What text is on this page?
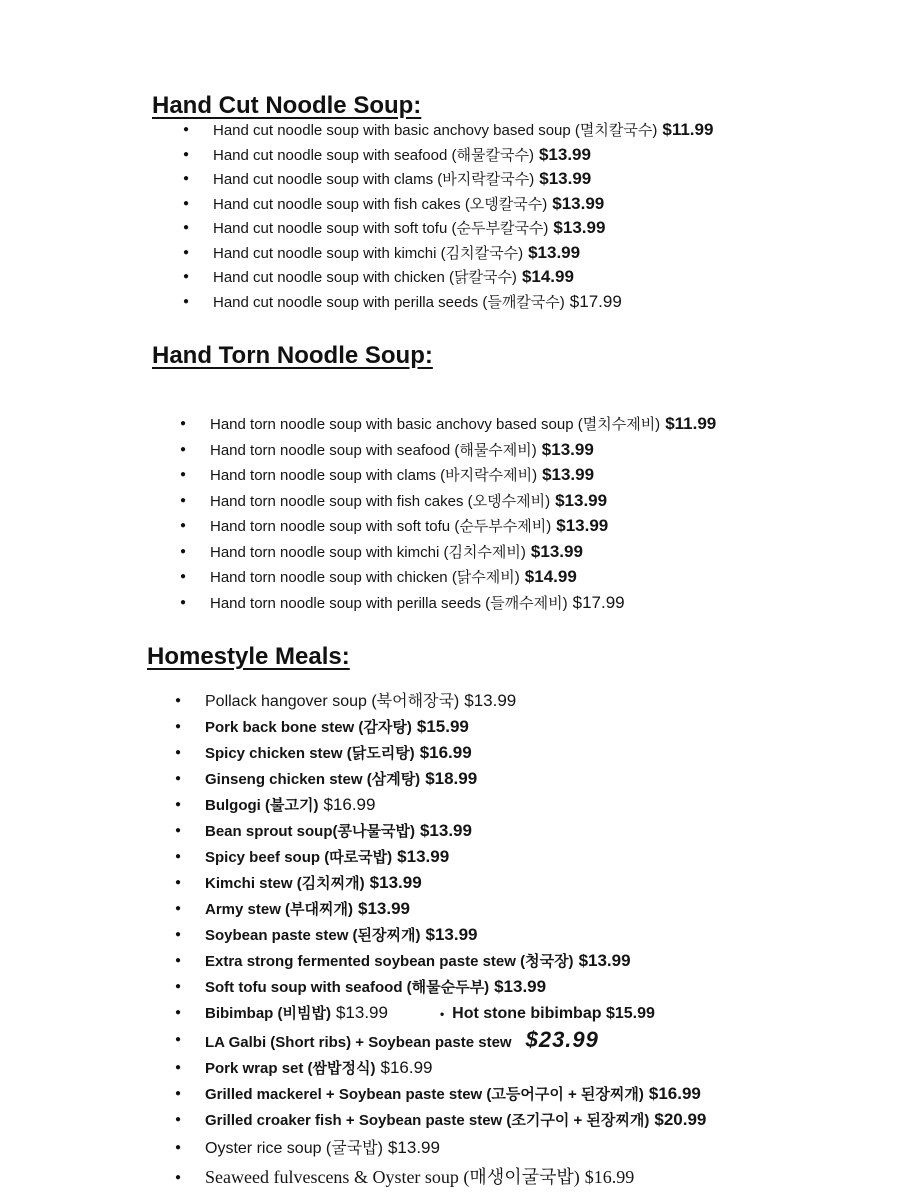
Hand Cut Noodle Soup:
● Hand cut noodle soup with basic anchovy based soup (멸치칼국수) $11.99
● Hand cut noodle soup with seafood (해물칼국수) $13.99
● Hand cut noodle soup with clams (바지락칼국수) $13.99
● Hand cut noodle soup with fish cakes (오뎅칼국수) $13.99
● Hand cut noodle soup with soft tofu (순두부칼국수) $13.99
● Hand cut noodle soup with kimchi (김치칼국수) $13.99
● Hand cut noodle soup with chicken (닭칼국수) $14.99
● Hand cut noodle soup with perilla seeds (들깨칼국수) $17.99
Hand Torn Noodle Soup:
● Hand torn noodle soup with basic anchovy based soup (멸치수제비) $11.99
● Hand torn noodle soup with seafood (해물수제비) $13.99
● Hand torn noodle soup with clams (바지락수제비) $13.99
● Hand torn noodle soup with fish cakes (오뎅수제비) $13.99
● Hand torn noodle soup with soft tofu (순두부수제비) $13.99
● Hand torn noodle soup with kimchi (김치수제비) $13.99
● Hand torn noodle soup with chicken (닭수제비) $14.99
● Hand torn noodle soup with perilla seeds (들깨수제비) $17.99
Homestyle Meals:
● Pollack hangover soup (북어해장국) $13.99
● Pork back bone stew (감자탕) $15.99
● Spicy chicken stew (닭도리탕) $16.99
● Ginseng chicken stew (삼계탕) $18.99
● Bulgogi (불고기) $16.99
● Bean sprout soup(콩나물국밥) $13.99
● Spicy beef soup (따로국밥) $13.99
● Kimchi stew (김치찌개) $13.99
● Army stew (부대찌개) $13.99
● Soybean paste stew (된장찌개) $13.99
● Extra strong fermented soybean paste stew (청국장) $13.99
● Soft tofu soup with seafood (해물순두부) $13.99
● Bibimbap (비빔밥) $13.99•	Hot stone bibimbap $15.99
● LA Galbi (Short ribs) + Soybean paste stew $23.99
● Pork wrap set (쌈밥정식) $16.99
● Grilled mackerel + Soybean paste stew (고등어구이 + 된장찌개) $16.99
● Grilled croaker fish + Soybean paste stew (조기구이 + 된장찌개) $20.99
● Oyster rice soup (굴국밥) $13.99
● Seaweed fulvescens & Oyster soup (매생이굴국밥) $16.99
